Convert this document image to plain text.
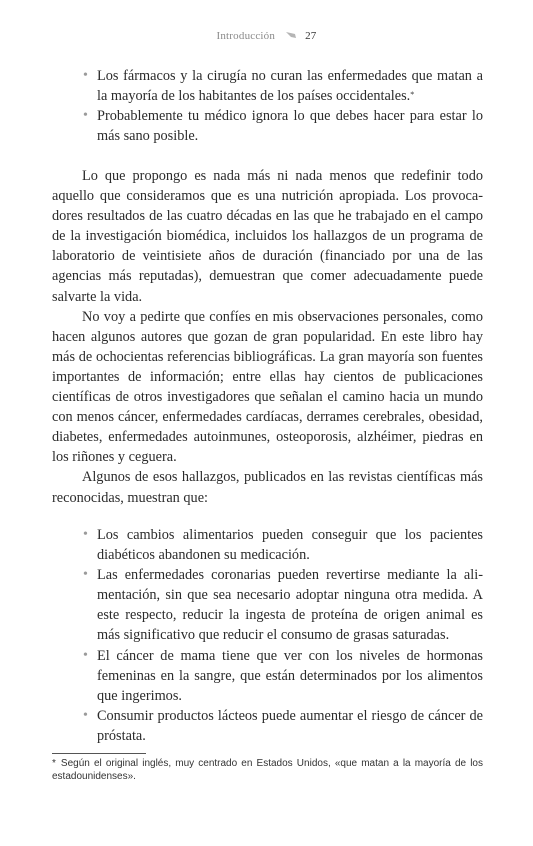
Introducción	27
• Los fármacos y la cirugía no curan las enfermedades que matan a la mayoría de los habitantes de los países occidentales.*
• Probablemente tu médico ignora lo que debes hacer para estar lo más sano posible.

Lo que propongo es nada más ni nada menos que redefinir todo aquello que consideramos que es una nutrición apropiada. Los provocadores resultados de las cuatro décadas en las que he trabajado en el campo de la investigación biomédica, incluidos los hallazgos de un programa de laboratorio de veintisiete años de duración (financiado por una de las agencias más reputadas), demuestran que comer adecuadamente puede salvarte la vida.

No voy a pedirte que confíes en mis observaciones personales, como hacen algunos autores que gozan de gran popularidad. En este libro hay más de ochocientas referencias bibliográficas. La gran mayoría son fuentes importantes de información; entre ellas hay cientos de publicaciones científicas de otros investigadores que señalan el camino hacia un mundo con menos cáncer, enfermedades cardíacas, derrames cerebrales, obesidad, diabetes, enfermedades autoinmunes, osteoporosis, alzhéimer, piedras en los riñones y ceguera.

Algunos de esos hallazgos, publicados en las revistas científicas más reconocidas, muestran que:

• Los cambios alimentarios pueden conseguir que los pacientes diabéticos abandonen su medicación.
• Las enfermedades coronarias pueden revertirse mediante la alimentación, sin que sea necesario adoptar ninguna otra medida. A este respecto, reducir la ingesta de proteína de origen animal es más significativo que reducir el consumo de grasas saturadas.
• El cáncer de mama tiene que ver con los niveles de hormonas femeninas en la sangre, que están determinados por los alimentos que ingerimos.
• Consumir productos lácteos puede aumentar el riesgo de cáncer de próstata.
* Según el original inglés, muy centrado en Estados Unidos, «que matan a la mayoría de los estadounidenses».
